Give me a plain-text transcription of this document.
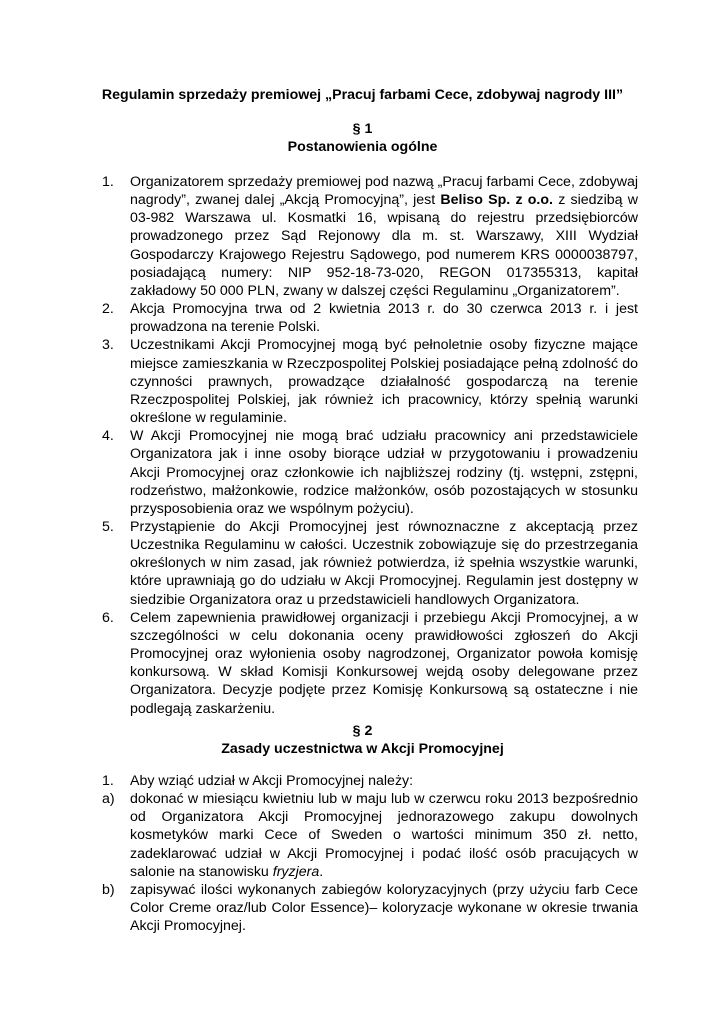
Regulamin sprzedaży premiowej „Pracuj farbami Cece, zdobywaj nagrody III”
§ 1
Postanowienia ogólne
1.	Organizatorem sprzedaży premiowej pod nazwą „Pracuj farbami Cece, zdobywaj nagrody”, zwanej dalej „Akcją Promocyjną”, jest Beliso Sp. z o.o. z siedzibą w 03-982 Warszawa ul. Kosmatki 16, wpisaną do rejestru przedsiębiorców prowadzonego przez Sąd Rejonowy dla m. st. Warszawy, XIII Wydział Gospodarczy Krajowego Rejestru Sądowego, pod numerem KRS 0000038797, posiadającą numery: NIP 952-18-73-020, REGON 017355313, kapitał zakładowy 50 000 PLN, zwany w dalszej części Regulaminu „Organizatorem”.
2.	Akcja Promocyjna trwa od 2 kwietnia 2013 r. do 30 czerwca 2013 r. i jest prowadzona na terenie Polski.
3.	Uczestnikami Akcji Promocyjnej mogą być pełnoletnie osoby fizyczne mające miejsce zamieszkania w Rzeczpospolitej Polskiej posiadające pełną zdolność do czynności prawnych, prowadzące działalność gospodarczą na terenie Rzeczpospolitej Polskiej, jak również ich pracownicy, którzy spełnią warunki określone w regulaminie.
4.	W Akcji Promocyjnej nie mogą brać udziału pracownicy ani przedstawiciele Organizatora jak i inne osoby biorące udział w przygotowaniu i prowadzeniu Akcji Promocyjnej oraz członkowie ich najbliższej rodziny (tj. wstępni, zstępni, rodzeństwo, małżonkowie, rodzice małżonków, osób pozostających w stosunku przysposobienia oraz we wspólnym pożyciu).
5.	Przystąpienie do Akcji Promocyjnej jest równoznaczne z akceptacją przez Uczestnika Regulaminu w całości. Uczestnik zobowiązuje się do przestrzegania określonych w nim zasad, jak również potwierdza, iż spełnia wszystkie warunki, które uprawniają go do udziału w Akcji Promocyjnej. Regulamin jest dostępny w siedzibie Organizatora oraz u przedstawicieli handlowych Organizatora.
6.	Celem zapewnienia prawidłowej organizacji i przebiegu Akcji Promocyjnej, a w szczególności w celu dokonania oceny prawidłowości zgłoszeń do Akcji Promocyjnej oraz wyłonienia osoby nagrodzonej, Organizator powoła komisję konkursową. W skład Komisji Konkursowej wejdą osoby delegowane przez Organizatora. Decyzje podjęte przez Komisję Konkursową są ostateczne i nie podlegają zaskarżeniu.
§ 2
Zasady uczestnictwa w Akcji Promocyjnej
1.	Aby wziąć udział w Akcji Promocyjnej należy:
a)	dokonać w miesiącu kwietniu lub w maju lub w czerwcu roku 2013 bezpośrednio od Organizatora Akcji Promocyjnej jednorazowego zakupu dowolnych kosmetyków marki Cece of Sweden o wartości minimum 350 zł. netto, zadeklarować udział w Akcji Promocyjnej i podać ilość osób pracujących w salonie na stanowisku fryzjera.
b)	zapisywać ilości wykonanych zabiegów koloryzacyjnych (przy użyciu farb Cece Color Creme oraz/lub Color Essence)– koloryzacje wykonane w okresie trwania Akcji Promocyjnej.
